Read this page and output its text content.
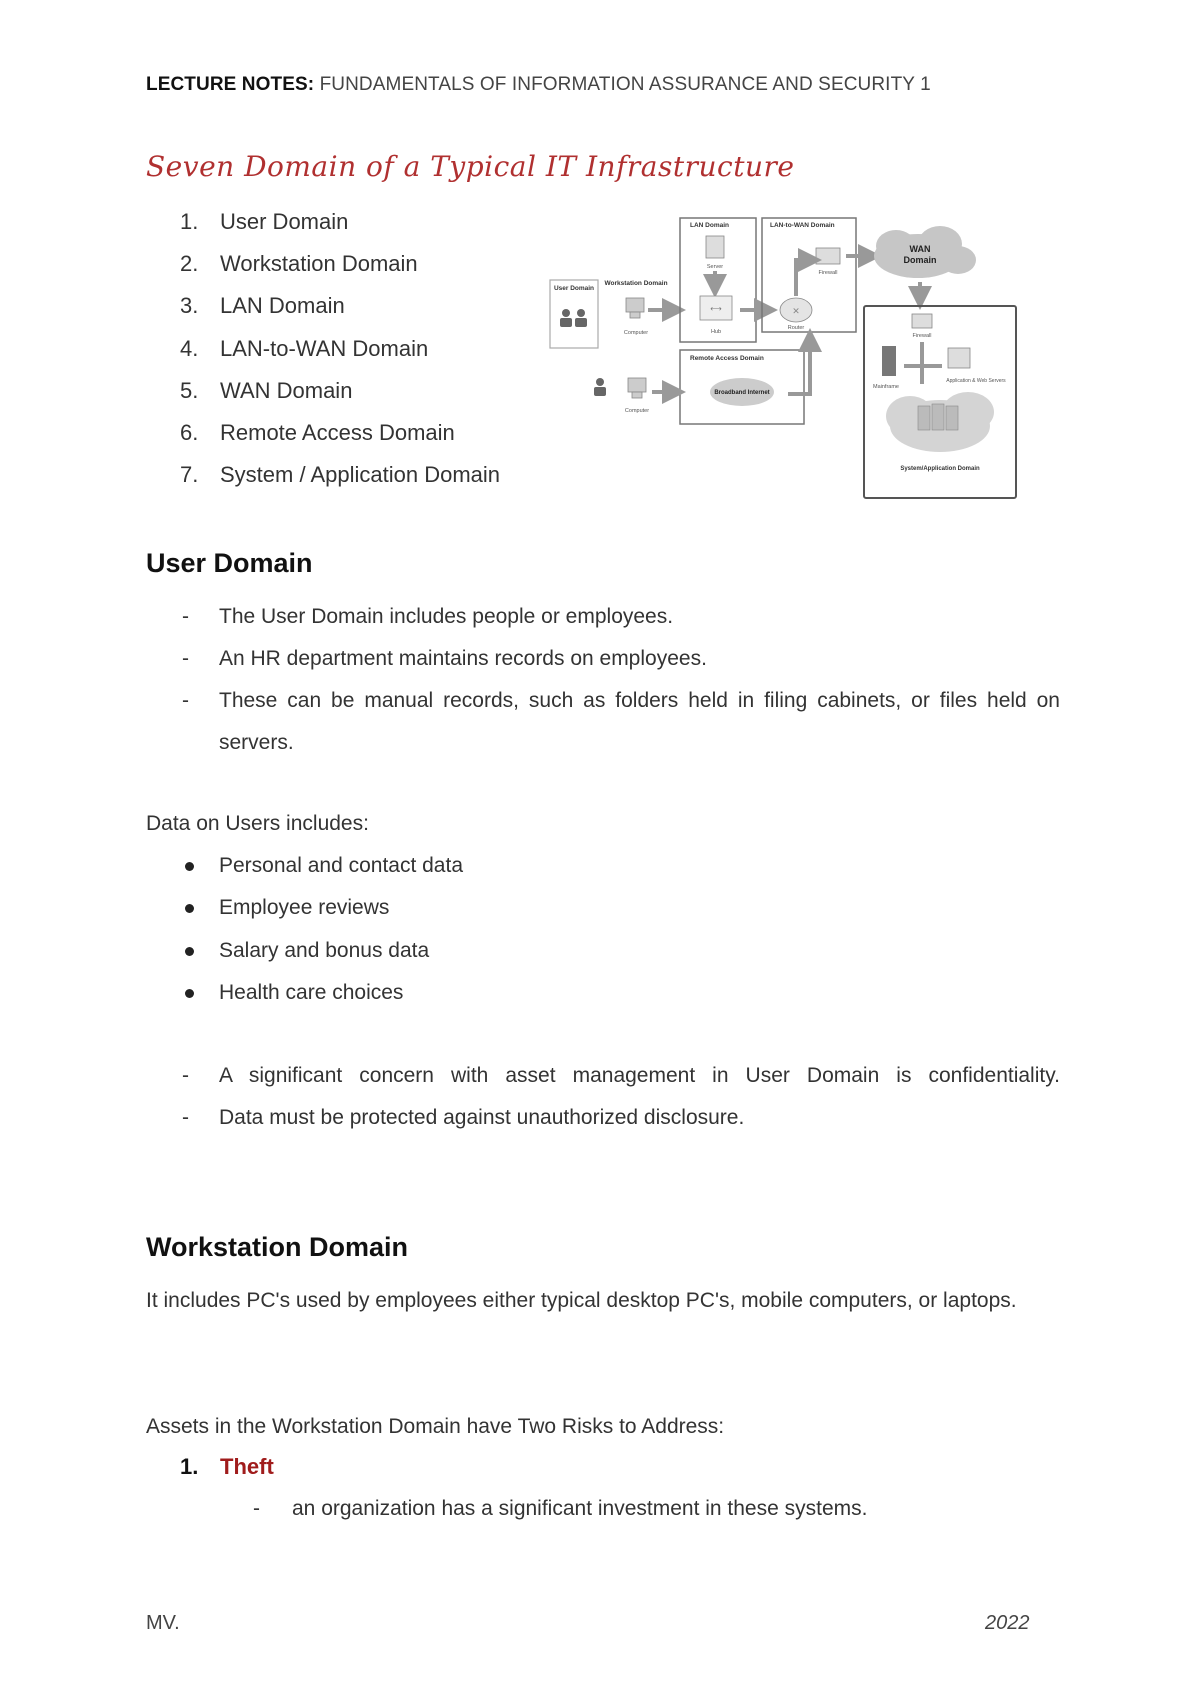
LECTURE NOTES: FUNDAMENTALS OF INFORMATION ASSURANCE AND SECURITY 1
Seven Domain of a Typical IT Infrastructure
1. User Domain
2. Workstation Domain
3. LAN Domain
4. LAN-to-WAN Domain
5. WAN Domain
6. Remote Access Domain
7. System / Application Domain
User Domain
Workstation Domain
Computer
LAN Domain
Server
⟷
Hub
LAN-to-WAN Domain
Firewall
✕
Router
WAN
Domain
Firewall
Mainframe
Application & Web Servers
System/Application Domain
Remote Access Domain
Broadband Internet
Computer
User Domain
- The User Domain includes people or employees.
- An HR department maintains records on employees.
- These can be manual records, such as folders held in filing cabinets, or files held on servers.

Data on Users includes:

Personal and contact data
Employee reviews
Salary and bonus data
Health care choices
- A significant concern with asset management in User Domain is confidentiality.
- Data must be protected against unauthorized disclosure.
Workstation Domain

It includes PC's used by employees either typical desktop PC's, mobile computers, or laptops.

Assets in the Workstation Domain have Two Risks to Address:

1. Theft
- an organization has a significant investment in these systems.
MV.	2022
